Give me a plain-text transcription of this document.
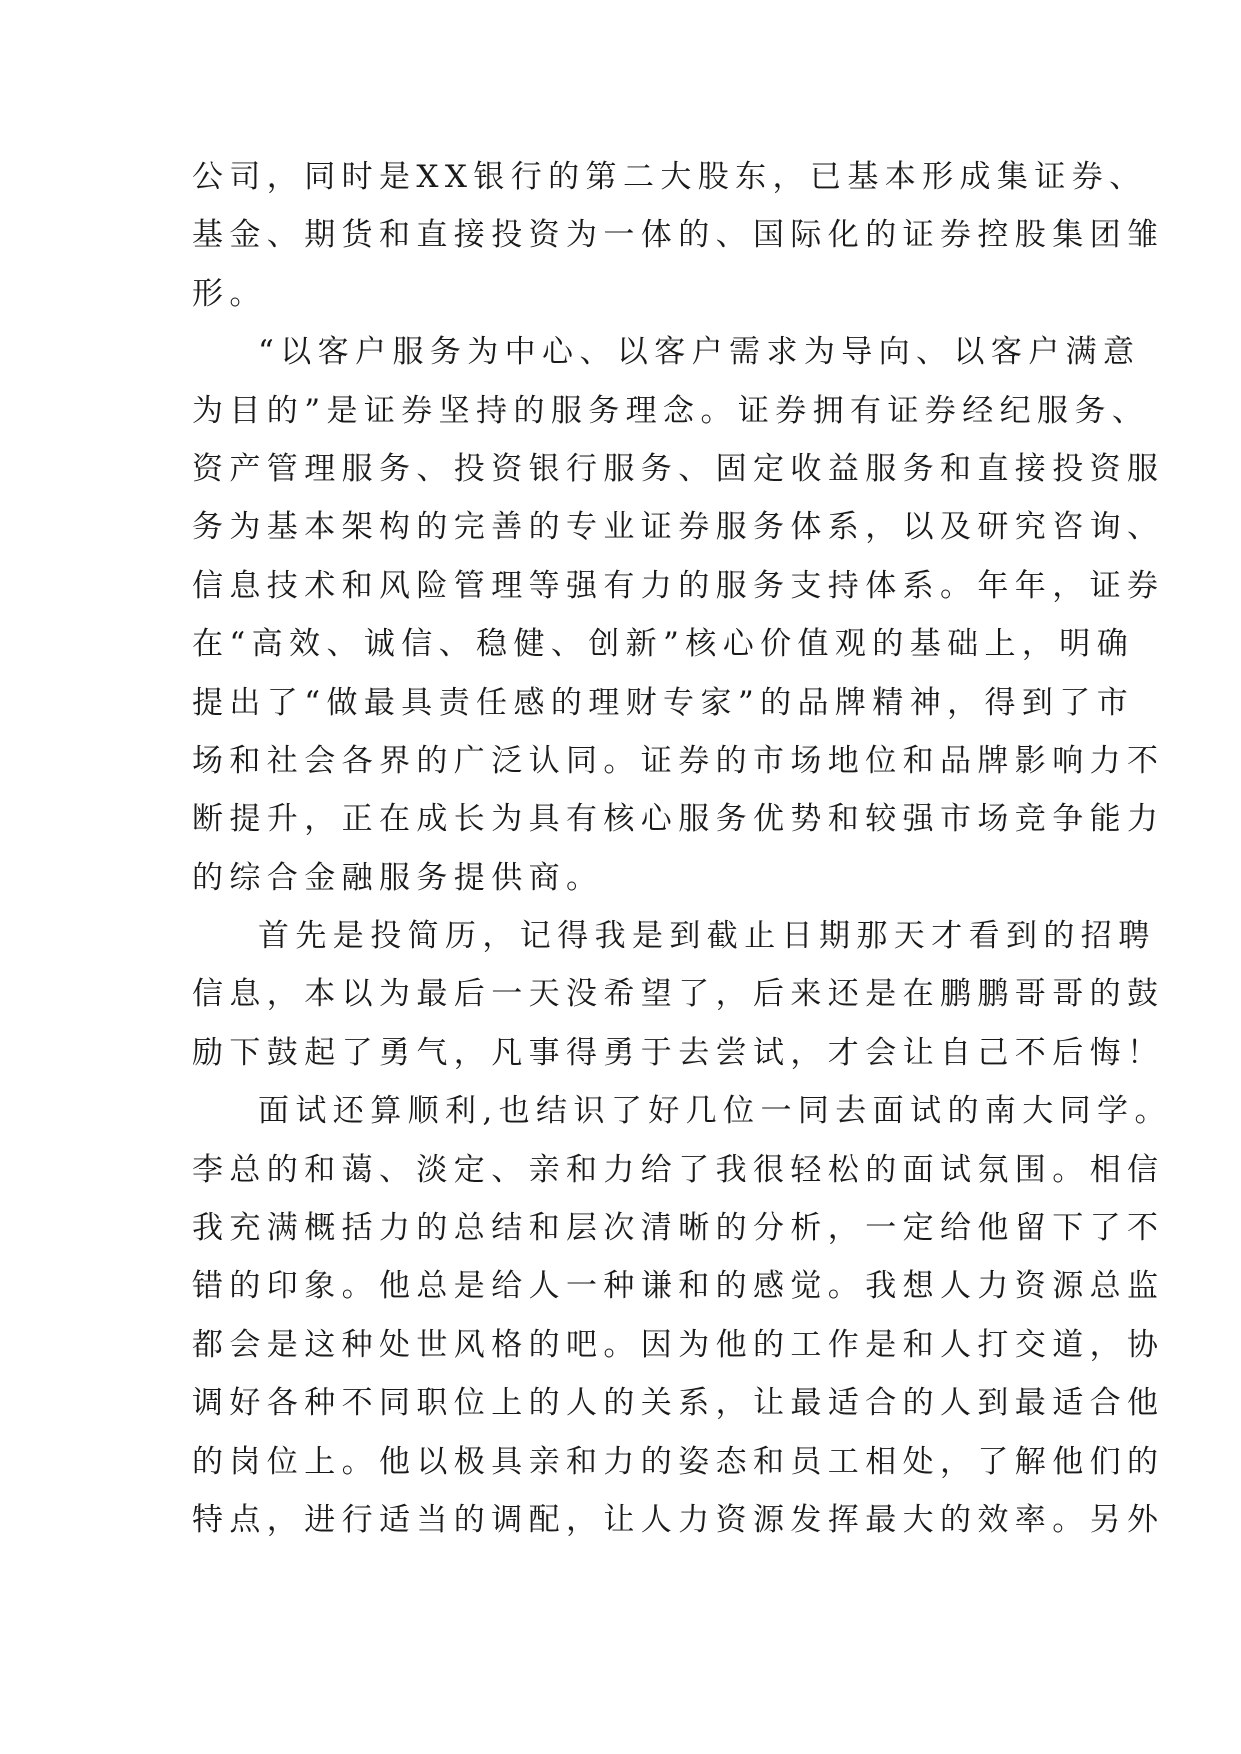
公司，同时是XX银行的第二大股东，已基本形成集证券、
基金、期货和直接投资为一体的、国际化的证券控股集团雏
形。
“以客户服务为中心、以客户需求为导向、以客户满意
为目的”是证券坚持的服务理念。证券拥有证券经纪服务、
资产管理服务、投资银行服务、固定收益服务和直接投资服
务为基本架构的完善的专业证券服务体系，以及研究咨询、
信息技术和风险管理等强有力的服务支持体系。年年，证券
在“高效、诚信、稳健、创新”核心价值观的基础上，明确
提出了“做最具责任感的理财专家”的品牌精神，得到了市
场和社会各界的广泛认同。证券的市场地位和品牌影响力不
断提升，正在成长为具有核心服务优势和较强市场竞争能力
的综合金融服务提供商。
首先是投简历，记得我是到截止日期那天才看到的招聘
信息，本以为最后一天没希望了，后来还是在鹏鹏哥哥的鼓
励下鼓起了勇气，凡事得勇于去尝试，才会让自己不后悔！
面试还算顺利,也结识了好几位一同去面试的南大同学。
李总的和蔼、淡定、亲和力给了我很轻松的面试氛围。相信
我充满概括力的总结和层次清晰的分析，一定给他留下了不
错的印象。他总是给人一种谦和的感觉。我想人力资源总监
都会是这种处世风格的吧。因为他的工作是和人打交道，协
调好各种不同职位上的人的关系，让最适合的人到最适合他
的岗位上。他以极具亲和力的姿态和员工相处，了解他们的
特点，进行适当的调配，让人力资源发挥最大的效率。另外
